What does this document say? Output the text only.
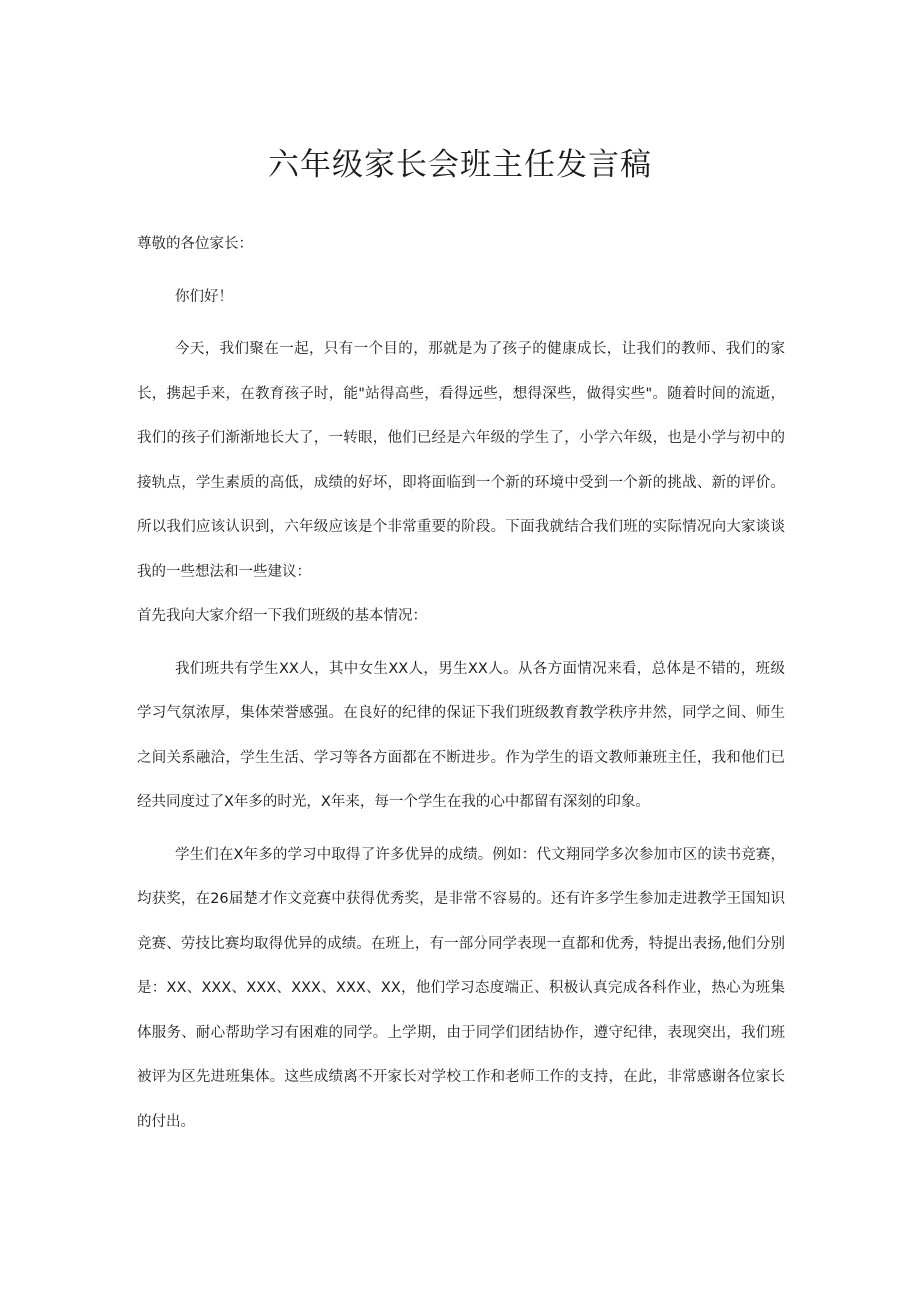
六年级家长会班主任发言稿

尊敬的各位家长：

你们好！

今天，我们聚在一起，只有一个目的，那就是为了孩子的健康成长，让我们的教师、我们的家长，携起手来，在教育孩子时，能"站得高些，看得远些，想得深些，做得实些"。随着时间的流逝，我们的孩子们渐渐地长大了，一转眼，他们已经是六年级的学生了，小学六年级，也是小学与初中的接轨点，学生素质的高低，成绩的好坏，即将面临到一个新的环境中受到一个新的挑战、新的评价。所以我们应该认识到，六年级应该是个非常重要的阶段。下面我就结合我们班的实际情况向大家谈谈我的一些想法和一些建议：

首先我向大家介绍一下我们班级的基本情况：

我们班共有学生XX人，其中女生XX人，男生XX人。从各方面情况来看，总体是不错的，班级学习气氛浓厚，集体荣誉感强。在良好的纪律的保证下我们班级教育教学秩序井然，同学之间、师生之间关系融洽，学生生活、学习等各方面都在不断进步。作为学生的语文教师兼班主任，我和他们已经共同度过了X年多的时光，X年来，每一个学生在我的心中都留有深刻的印象。

学生们在X年多的学习中取得了许多优异的成绩。例如：代文翔同学多次参加市区的读书竞赛，均获奖，在26届楚才作文竞赛中获得优秀奖，是非常不容易的。还有许多学生参加走进教学王国知识竞赛、劳技比赛均取得优异的成绩。在班上，有一部分同学表现一直都和优秀，特提出表扬,他们分别是：XX、XXX、XXX、XXX、XXX、XX，他们学习态度端正、积极认真完成各科作业，热心为班集体服务、耐心帮助学习有困难的同学。上学期，由于同学们团结协作，遵守纪律，表现突出，我们班被评为区先进班集体。这些成绩离不开家长对学校工作和老师工作的支持，在此，非常感谢各位家长的付出。
